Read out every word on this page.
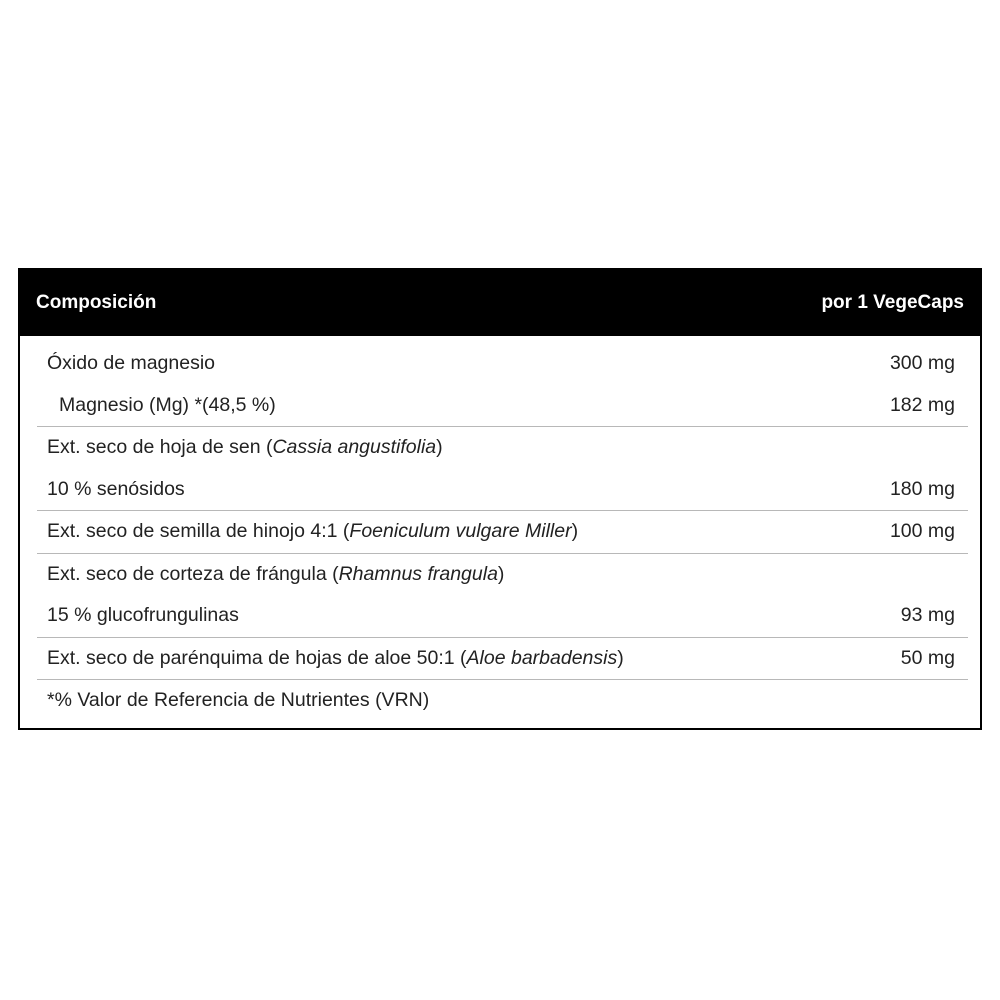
Composición	por 1 VegeCaps
Óxido de magnesio	300 mg
Magnesio (Mg) *(48,5 %)	182 mg
Ext. seco de hoja de sen (Cassia angustifolia)
10 % senósidos	180 mg
Ext. seco de semilla de hinojo 4:1 (Foeniculum vulgare Miller)	100 mg
Ext. seco de corteza de frángula (Rhamnus frangula)
15 % glucofrungulinas	93 mg
Ext. seco de parénquima de hojas de aloe 50:1 (Aloe barbadensis)	50 mg
*% Valor de Referencia de Nutrientes (VRN)
